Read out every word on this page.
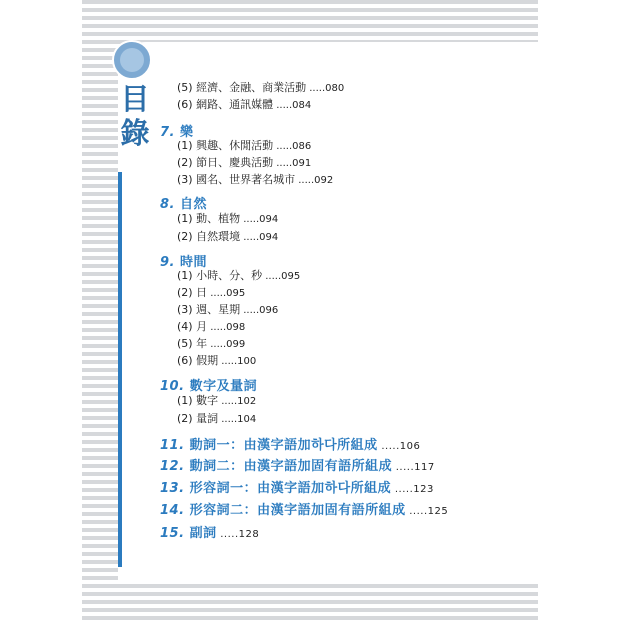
目
錄
(5) 經濟、金融、商業活動 .....080
(6) 網路、通訊媒體 .....084
7. 樂
(1) 興趣、休閒活動 .....086
(2) 節日、慶典活動 .....091
(3) 國名、世界著名城市 .....092
8. 自然
(1) 動、植物 .....094
(2) 自然環境 .....094
9. 時間
(1) 小時、分、秒 .....095
(2) 日 .....095
(3) 週、星期 .....096
(4) 月 .....098
(5) 年 .....099
(6) 假期 .....100
10. 數字及量詞
(1) 數字 .....102
(2) 量詞 .....104
11. 動詞一：由漢字語加하다所組成 .....106
12. 動詞二：由漢字語加固有語所組成 .....117
13. 形容詞一：由漢字語加하다所組成 .....123
14. 形容詞二：由漢字語加固有語所組成 .....125
15. 副詞 .....128
